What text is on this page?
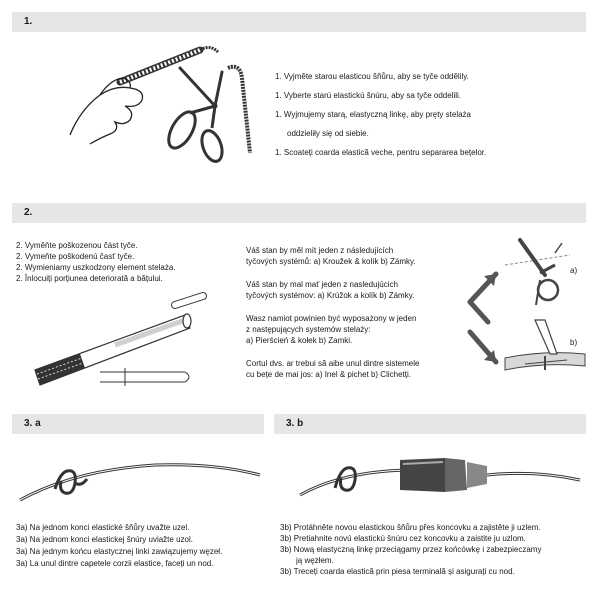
1.
1. Vyjměte starou elasticou šňůru, aby se tyče oddělily.
1. Vyberte starú elastickú šnúru, aby sa tyče oddelili.
1. Wyjmujemy starą, elastyczną linkę, aby pręty stelaża
oddzieliły się od siebie.
1. Scoateți coarda elastică veche, pentru separarea bețelor.
2.
2. Vyměňte poškozenou část tyče.
2. Vymeňte poškodenú časť tyče.
2. Wymieniamy uszkodzony element stelaża.
2. Înlocuiți porțiunea deteriorată a bățului.
Váš stan by měl mít jeden z následujících
tyčových systémů: a) Kroužek & kolík b) Zámky.
Váš stan by mal mať jeden z nasledujúcich
tyčových systémov: a) Krúžok a kolík b) Zámky.
Wasz namiot powinien być wyposażony w jeden
z następujących systemów stelaży:
a) Pierścień & kołek b) Zamki.
Cortul dvs. ar trebui să aibe unul dintre sistemele
cu bețe de mai jos: a) Inel & pichet b) Clichetți.
a)
b)
3. a
3a) Na jednom konci elastické šňůry uvažte uzel.
3a) Na jednom konci elastickej šnúry uviažte uzol.
3a) Na jednym końcu elastycznej linki zawiązujemy węzeł.
3a) La unul dintre capetele corzii elastice, faceți un nod.
3. b
3b) Protáhněte novou elastickou šňůru přes koncovku a zajistěte ji uzlem.
3b) Pretiahnite novú elastickú šnúru cez koncovku a zaistite ju uzlom.
3b) Nową elastyczną linkę przeciągamy przez końcówkę i zabezpieczamy
ją węzłem.
3b) Treceți coarda elastică prin piesa terminală și asigurați cu nod.
